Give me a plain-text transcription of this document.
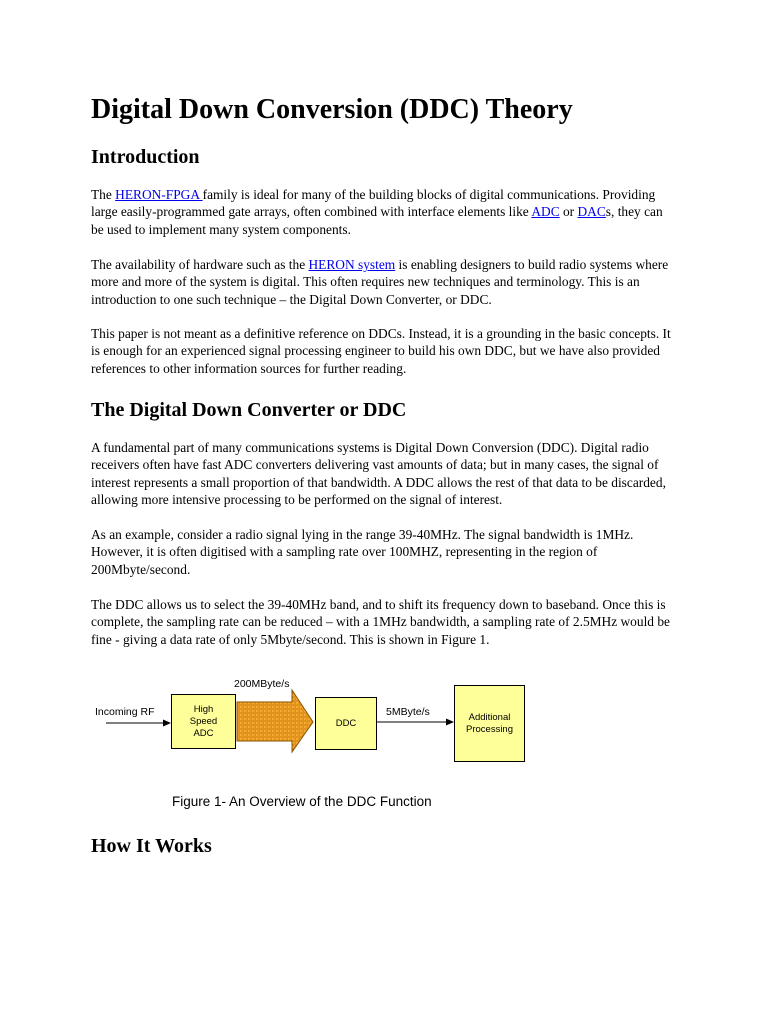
Digital Down Conversion (DDC) Theory
Introduction

The HERON-FPGA family is ideal for many of the building blocks of digital communications. Providing large easily-programmed gate arrays, often combined with interface elements like ADC or DACs, they can be used to implement many system components.

The availability of hardware such as the HERON system is enabling designers to build radio systems where more and more of the system is digital. This often requires new techniques and terminology. This is an introduction to one such technique – the Digital Down Converter, or DDC.

This paper is not meant as a definitive reference on DDCs. Instead, it is a grounding in the basic concepts. It is enough for an experienced signal processing engineer to build his own DDC, but we have also provided references to other information sources for further reading.

The Digital Down Converter or DDC

A fundamental part of many communications systems is Digital Down Conversion (DDC). Digital radio receivers often have fast ADC converters delivering vast amounts of data; but in many cases, the signal of interest represents a small proportion of that bandwidth. A DDC allows the rest of that data to be discarded, allowing more intensive processing to be performed on the signal of interest.

As an example, consider a radio signal lying in the range 39-40MHz. The signal bandwidth is 1MHz. However, it is often digitised with a sampling rate over 100MHZ, representing in the region of 200Mbyte/second.

The DDC allows us to select the 39-40MHz band, and to shift its frequency down to baseband. Once this is complete, the sampling rate can be reduced – with a 1MHz bandwidth, a sampling rate of 2.5MHz would be fine - giving a data rate of only 5Mbyte/second. This is shown in Figure 1.

How It Works
Incoming RF	High
Speed
ADC
200MByte/s
DDC
5MByte/s	Additional
Processing
Figure 1- An Overview of the DDC Function
